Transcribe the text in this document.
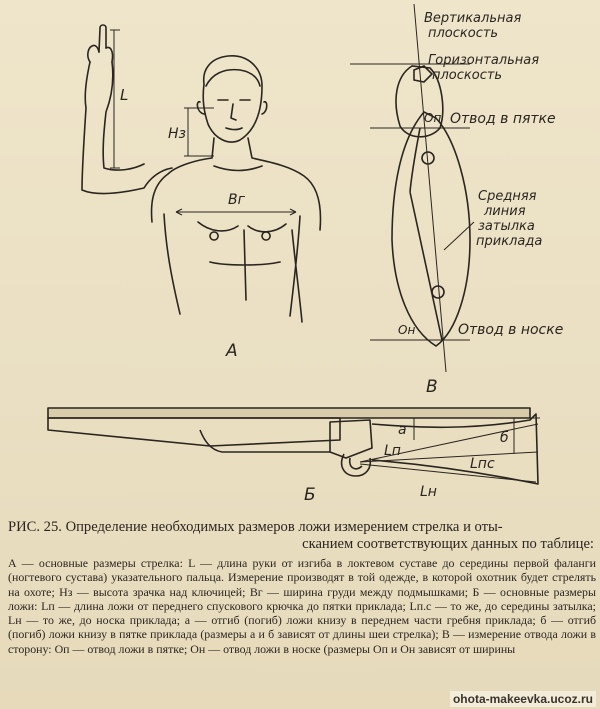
L
Hз
Bг
А
Вертикальная
плоскость
Горизонтальная
плоскость
Оп Отвод в пятке
Средняя
линия
затылка
приклада
Он	Отвод в носке
В
а	б
Lп
Lпс
Lн
Б
РИС. 25. Определение необходимых размеров ложи измерением стрелка и оты-
сканием соответствующих данных по таблице:
А — основные размеры стрелка: L — длина руки от изгиба в локтевом суставе до середины первой фаланги (ногтевого сустава) указательного пальца. Измерение производят в той одежде, в которой охотник будет стрелять на охоте; Hз — высота зрачка над ключицей; Bг — ширина груди между подмышками; Б — основные размеры ложи: Lп — длина ложи от переднего спускового крючка до пятки приклада; Lп.с — то же, до середины затылка; Lн — то же, до носка приклада; а — отгиб (погиб) ложи книзу в переднем части гребня приклада; б — отгиб (погиб) ложи книзу в пятке приклада (размеры а и б зависят от длины шеи стрелка); В — измерение отвода ложи в сторону: Оп — отвод ложи в пятке; Он — отвод ложи в носке (размеры Оп и Он зависят от ширины
ohota-makeevka.ucoz.ru
